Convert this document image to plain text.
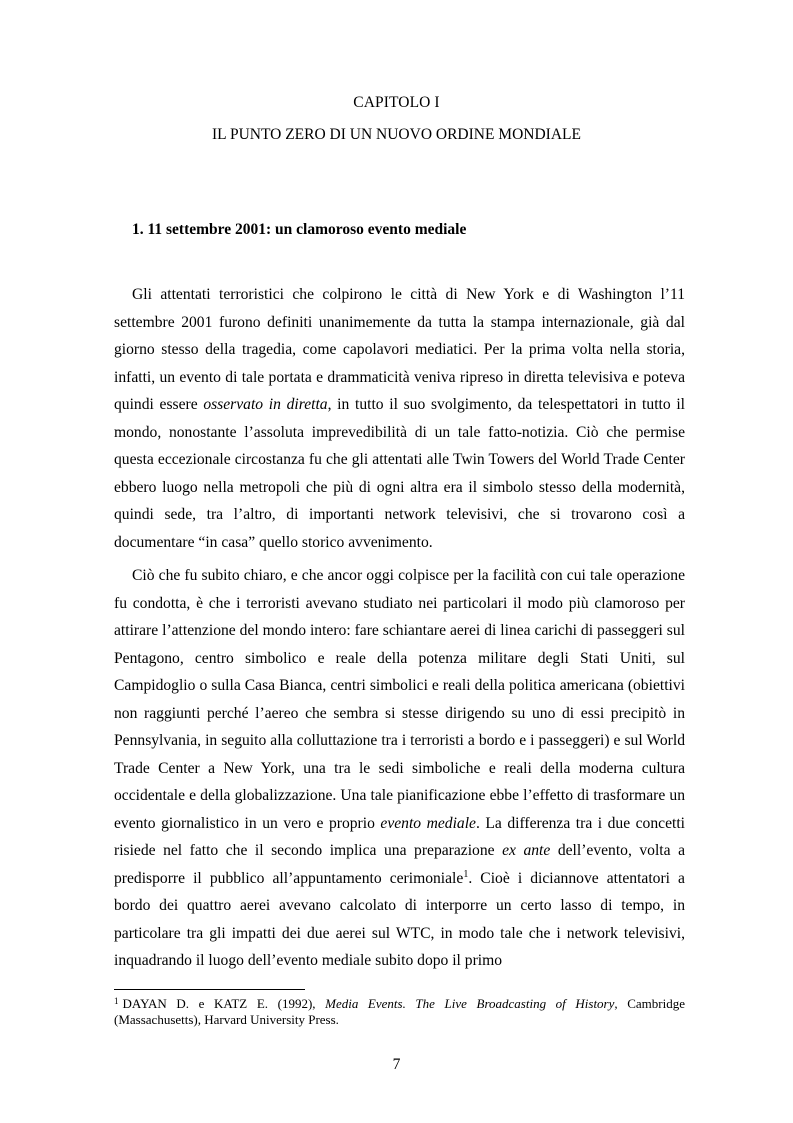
CAPITOLO I
IL PUNTO ZERO DI UN NUOVO ORDINE MONDIALE
1. 11 settembre 2001: un clamoroso evento mediale

Gli attentati terroristici che colpirono le città di New York e di Washington l’11 settembre 2001 furono definiti unanimemente da tutta la stampa internazionale, già dal giorno stesso della tragedia, come capolavori mediatici. Per la prima volta nella storia, infatti, un evento di tale portata e drammaticità veniva ripreso in diretta televisiva e poteva quindi essere osservato in diretta, in tutto il suo svolgimento, da telespettatori in tutto il mondo, nonostante l’assoluta imprevedibilità di un tale fatto-notizia. Ciò che permise questa eccezionale circostanza fu che gli attentati alle Twin Towers del World Trade Center ebbero luogo nella metropoli che più di ogni altra era il simbolo stesso della modernità, quindi sede, tra l’altro, di importanti network televisivi, che si trovarono così a documentare “in casa” quello storico avvenimento.

Ciò che fu subito chiaro, e che ancor oggi colpisce per la facilità con cui tale operazione fu condotta, è che i terroristi avevano studiato nei particolari il modo più clamoroso per attirare l’attenzione del mondo intero: fare schiantare aerei di linea carichi di passeggeri sul Pentagono, centro simbolico e reale della potenza militare degli Stati Uniti, sul Campidoglio o sulla Casa Bianca, centri simbolici e reali della politica americana (obiettivi non raggiunti perché l’aereo che sembra si stesse dirigendo su uno di essi precipitò in Pennsylvania, in seguito alla colluttazione tra i terroristi a bordo e i passeggeri) e sul World Trade Center a New York, una tra le sedi simboliche e reali della moderna cultura occidentale e della globalizzazione. Una tale pianificazione ebbe l’effetto di trasformare un evento giornalistico in un vero e proprio evento mediale. La differenza tra i due concetti risiede nel fatto che il secondo implica una preparazione ex ante dell’evento, volta a predisporre il pubblico all’appuntamento cerimoniale$^1$. Cioè i diciannove attentatori a bordo dei quattro aerei avevano calcolato di interporre un certo lasso di tempo, in particolare tra gli impatti dei due aerei sul WTC, in modo tale che i network televisivi, inquadrando il luogo dell’evento mediale subito dopo il primo

$^1$ DAYAN D. e KATZ E. (1992), Media Events. The Live Broadcasting of History, Cambridge (Massachusetts), Harvard University Press.

7
